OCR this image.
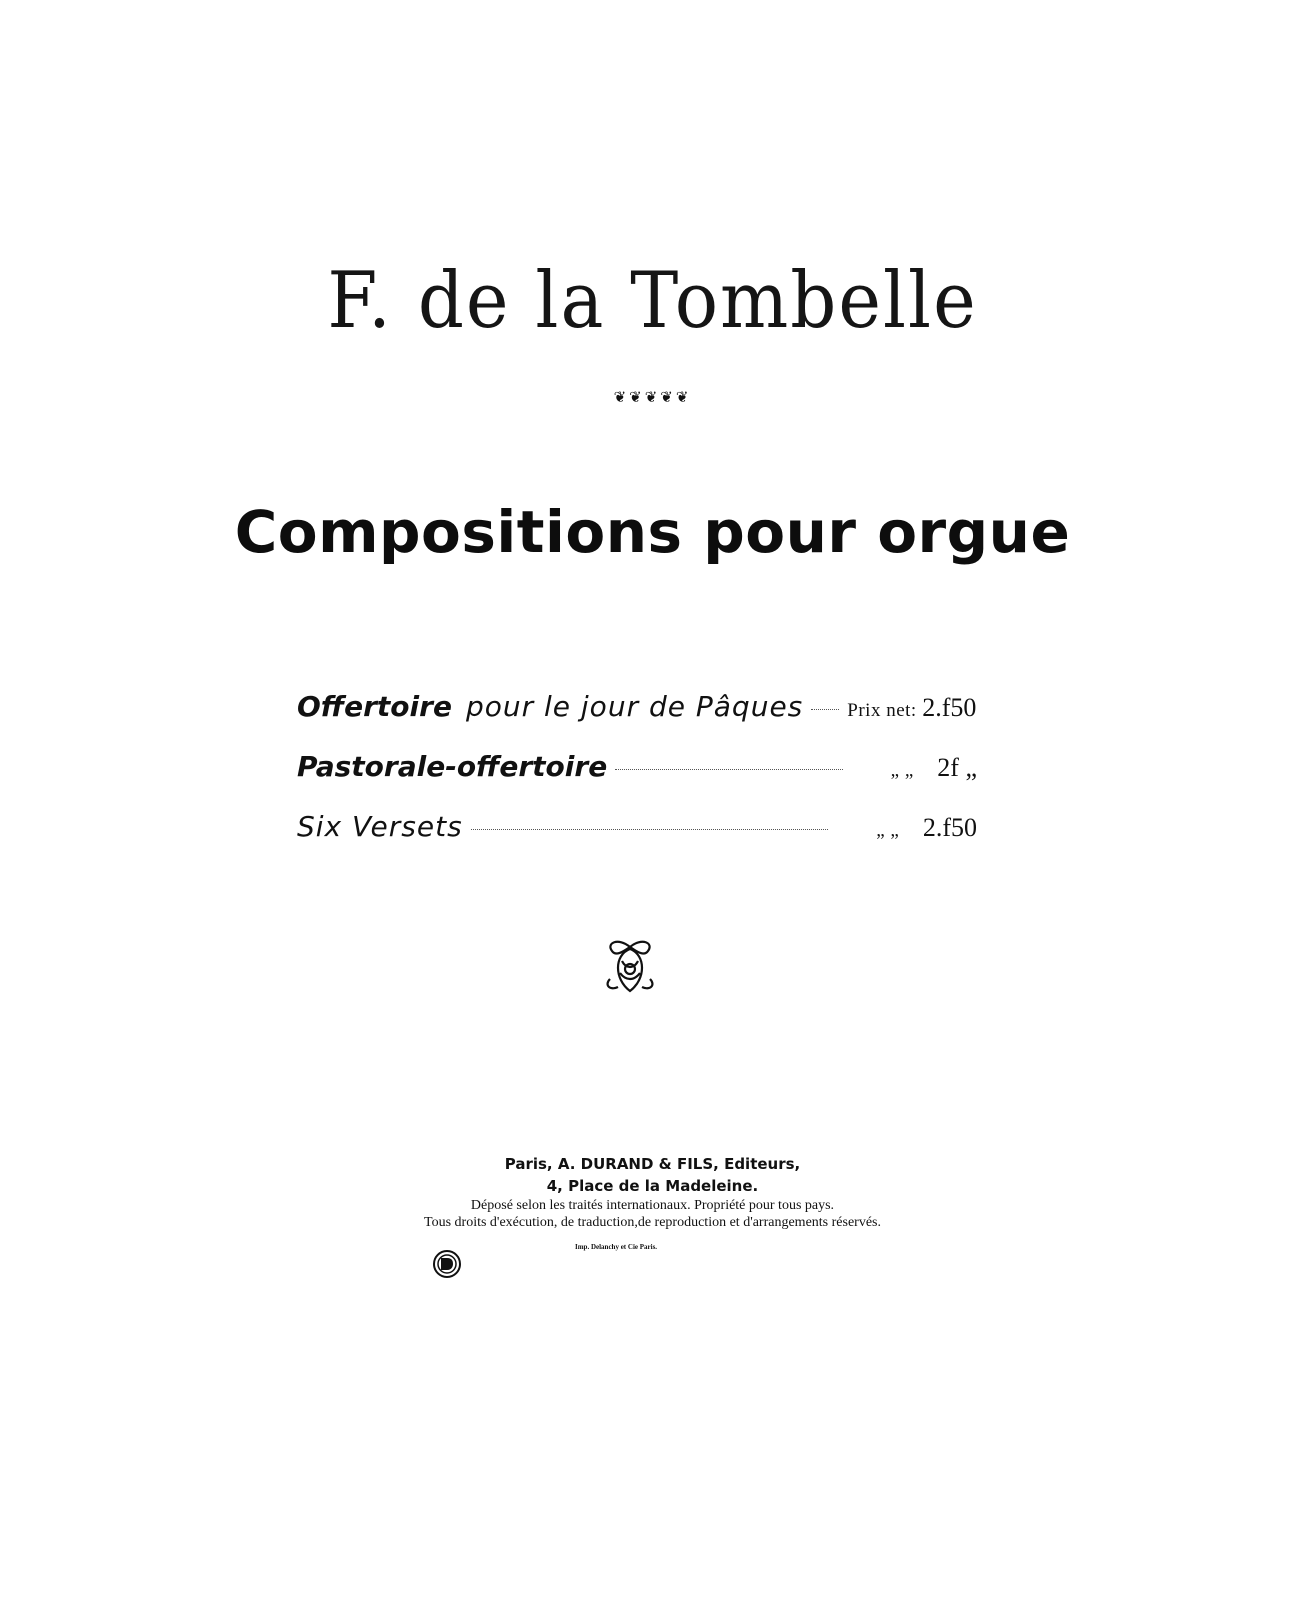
F. de la Tombelle
❦❦❦❦❦
Compositions pour orgue
Offertoire pour le jour de Pâques Prix net: 2.f50
Pastorale-offertoire	„ „ 2f „
Six Versets	„ „ 2.f50
Paris, A. DURAND & FILS, Editeurs,
4, Place de la Madeleine.
Déposé selon les traités internationaux. Propriété pour tous pays.
Tous droits d'exécution, de traduction,de reproduction et d'arrangements réservés.
Imp. Delanchy et Cie Paris.
